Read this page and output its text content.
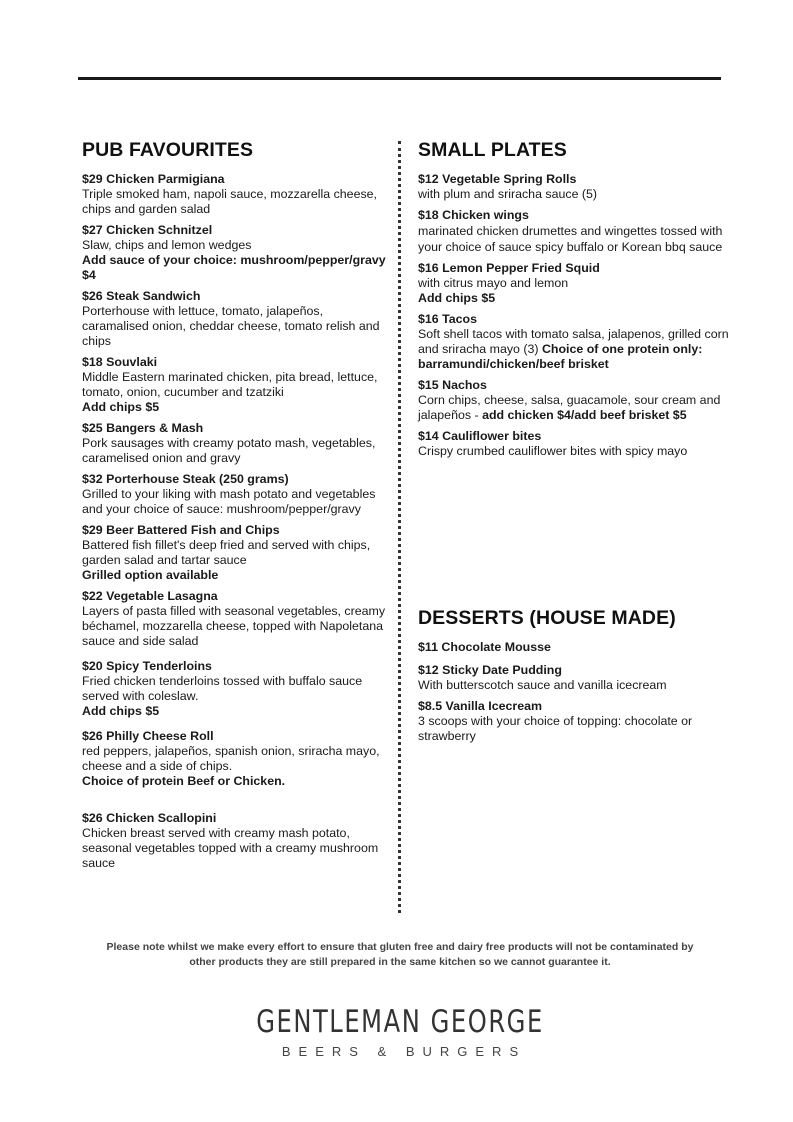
PUB FAVOURITES
$29 Chicken Parmigiana
Triple smoked ham, napoli sauce, mozzarella cheese, chips and garden salad
$27 Chicken Schnitzel
Slaw, chips and lemon wedges
Add sauce of your choice: mushroom/pepper/gravy $4
$26 Steak Sandwich
Porterhouse with lettuce, tomato, jalapeños, caramalised onion, cheddar cheese, tomato relish and chips
$18 Souvlaki
Middle Eastern marinated chicken, pita bread, lettuce, tomato, onion, cucumber and tzatziki
Add chips $5
$25 Bangers & Mash
Pork sausages with creamy potato mash, vegetables, caramelised onion and gravy
$32 Porterhouse Steak (250 grams)
Grilled to your liking with mash potato and vegetables and your choice of sauce: mushroom/pepper/gravy
$29 Beer Battered Fish and Chips
Battered fish fillet's deep fried and served with chips, garden salad and tartar sauce
Grilled option available
$22 Vegetable Lasagna
Layers of pasta filled with seasonal vegetables, creamy béchamel, mozzarella cheese, topped with Napoletana sauce and side salad
$20 Spicy Tenderloins
Fried chicken tenderloins tossed with buffalo sauce served with coleslaw.
Add chips $5
$26 Philly Cheese Roll
red peppers, jalapeños, spanish onion, sriracha mayo, cheese and a side of chips.
Choice of protein Beef or Chicken.
$26 Chicken Scallopini
Chicken breast served with creamy mash potato, seasonal vegetables topped with a creamy mushroom sauce
SMALL PLATES
$12 Vegetable Spring Rolls
with plum and sriracha sauce (5)
$18 Chicken wings
marinated chicken drumettes and wingettes tossed with your choice of sauce spicy buffalo or Korean bbq sauce
$16 Lemon Pepper Fried Squid
with citrus mayo and lemon
Add chips $5
$16 Tacos
Soft shell tacos with tomato salsa, jalapenos, grilled corn and sriracha mayo (3) Choice of one protein only: barramundi/chicken/beef brisket
$15 Nachos
Corn chips, cheese, salsa, guacamole, sour cream and jalapeños - add chicken $4/add beef brisket $5
$14 Cauliflower bites
Crispy crumbed cauliflower bites with spicy mayo
DESSERTS (HOUSE MADE)
$11 Chocolate Mousse
$12 Sticky Date Pudding
With butterscotch sauce and vanilla icecream
$8.5 Vanilla Icecream
3 scoops with your choice of topping: chocolate or strawberry
Please note whilst we make every effort to ensure that gluten free and dairy free products will not be contaminated by
other products they are still prepared in the same kitchen so we cannot guarantee it.
GENTLEMAN GEORGE
BEERS & BURGERS
